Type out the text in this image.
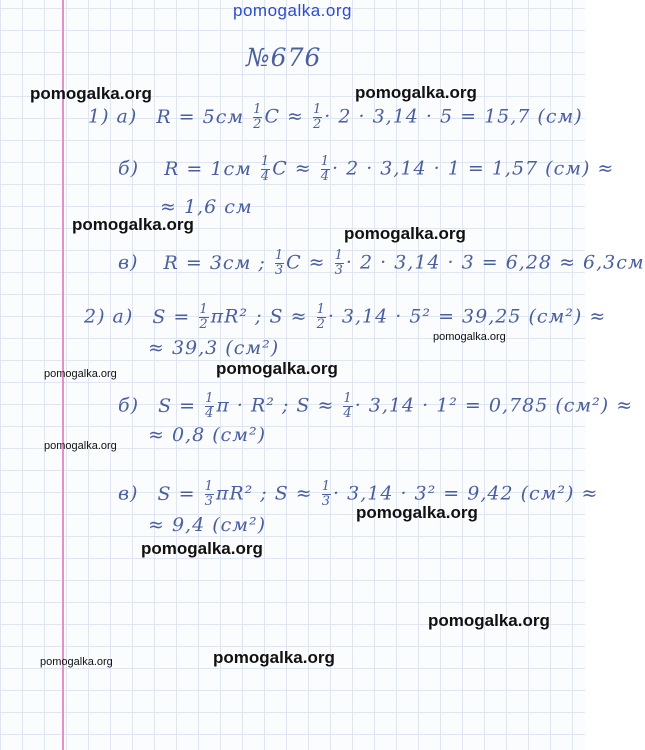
pomogalka.org
№676
1) а) $R = 5см \frac{1}{2}$ $С \approx \frac{1}{2} \cdot 2 \cdot 3,14 \cdot 5 = 15,7$ (см)
б) $R = 1см \frac{1}{4}$ $С \approx \frac{1}{4} \cdot 2 \cdot 3,14 \cdot 1 = 1,57$ (см) ≈
≈ 1,6 см
в) R = 3см ; $\frac{1}{3}$ $С \approx \frac{1}{3} \cdot 2 \cdot 3,14 \cdot 3 = 6,28 \approx 6,3см$
2) а) $S = \frac{1}{2} \pi R^2$ ; $S \approx \frac{1}{2} \cdot 3,14 \cdot 5^2 = 39,25$ (см²) ≈
≈ 39,3 (см²)
б) $S = \frac{1}{4}$ π · R² ; $S \approx \frac{1}{4} \cdot 3,14 \cdot 1^2 = 0,785$ (см²) ≈
≈ 0,8 (см²)
в) $S = \frac{1}{3} \pi R^2$ ; $S \approx \frac{1}{3} \cdot 3,14 \cdot 3^2 = 9,42$ (см²) ≈
≈ 9,4 (см²)
pomogalka.org	pomogalka.org
pomogalka.org	pomogalka.org
pomogalka.org
pomogalka.org	pomogalka.org
pomogalka.org
pomogalka.org
pomogalka.org
pomogalka.org
pomogalka.org	pomogalka.org
